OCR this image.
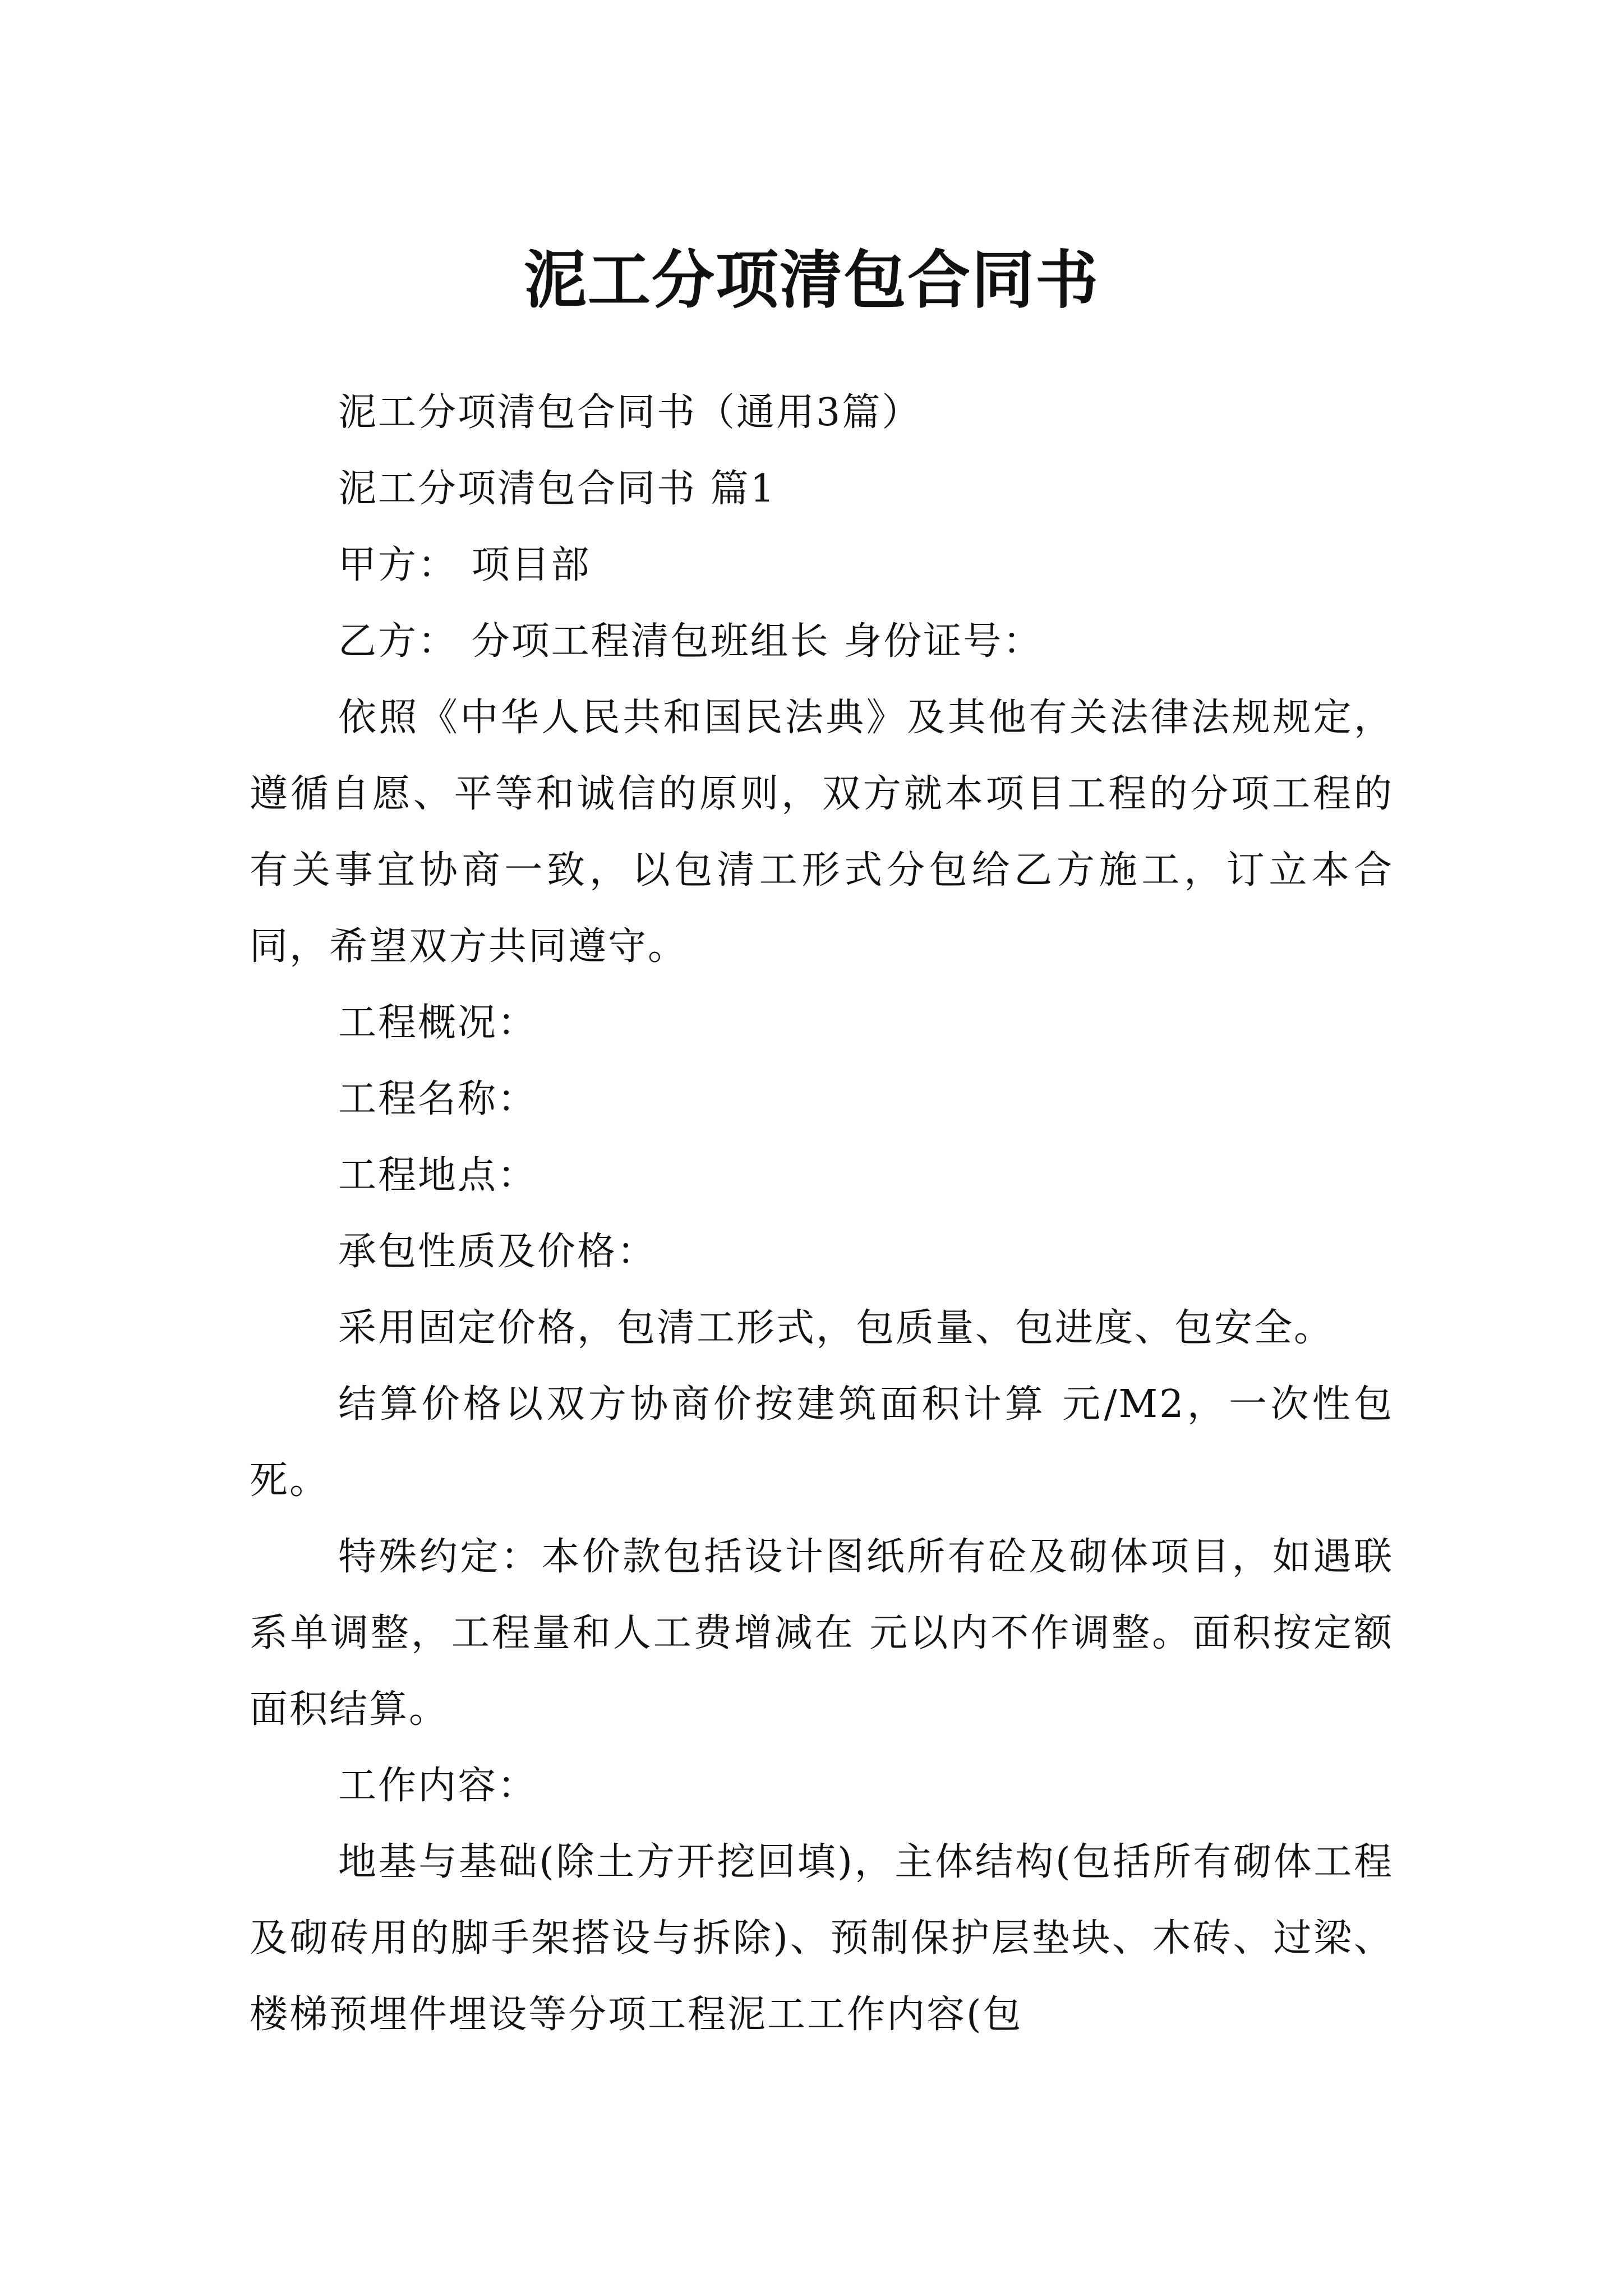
泥工分项清包合同书

泥工分项清包合同书（通用3篇）

泥工分项清包合同书 篇1

甲方： 项目部

乙方： 分项工程清包班组长 身份证号：

依照《中华人民共和国民法典》及其他有关法律法规规定，遵循自愿、平等和诚信的原则，双方就本项目工程的分项工程的有关事宜协商一致，以包清工形式分包给乙方施工，订立本合同，希望双方共同遵守。

工程概况：

工程名称：

工程地点：

承包性质及价格：

采用固定价格，包清工形式，包质量、包进度、包安全。

结算价格以双方协商价按建筑面积计算 元/M2，一次性包死。

特殊约定：本价款包括设计图纸所有砼及砌体项目，如遇联系单调整，工程量和人工费增减在 元以内不作调整。面积按定额面积结算。

工作内容：

地基与基础(除土方开挖回填)，主体结构(包括所有砌体工程及砌砖用的脚手架搭设与拆除)、预制保护层垫块、木砖、过梁、楼梯预埋件埋设等分项工程泥工工作内容(包
